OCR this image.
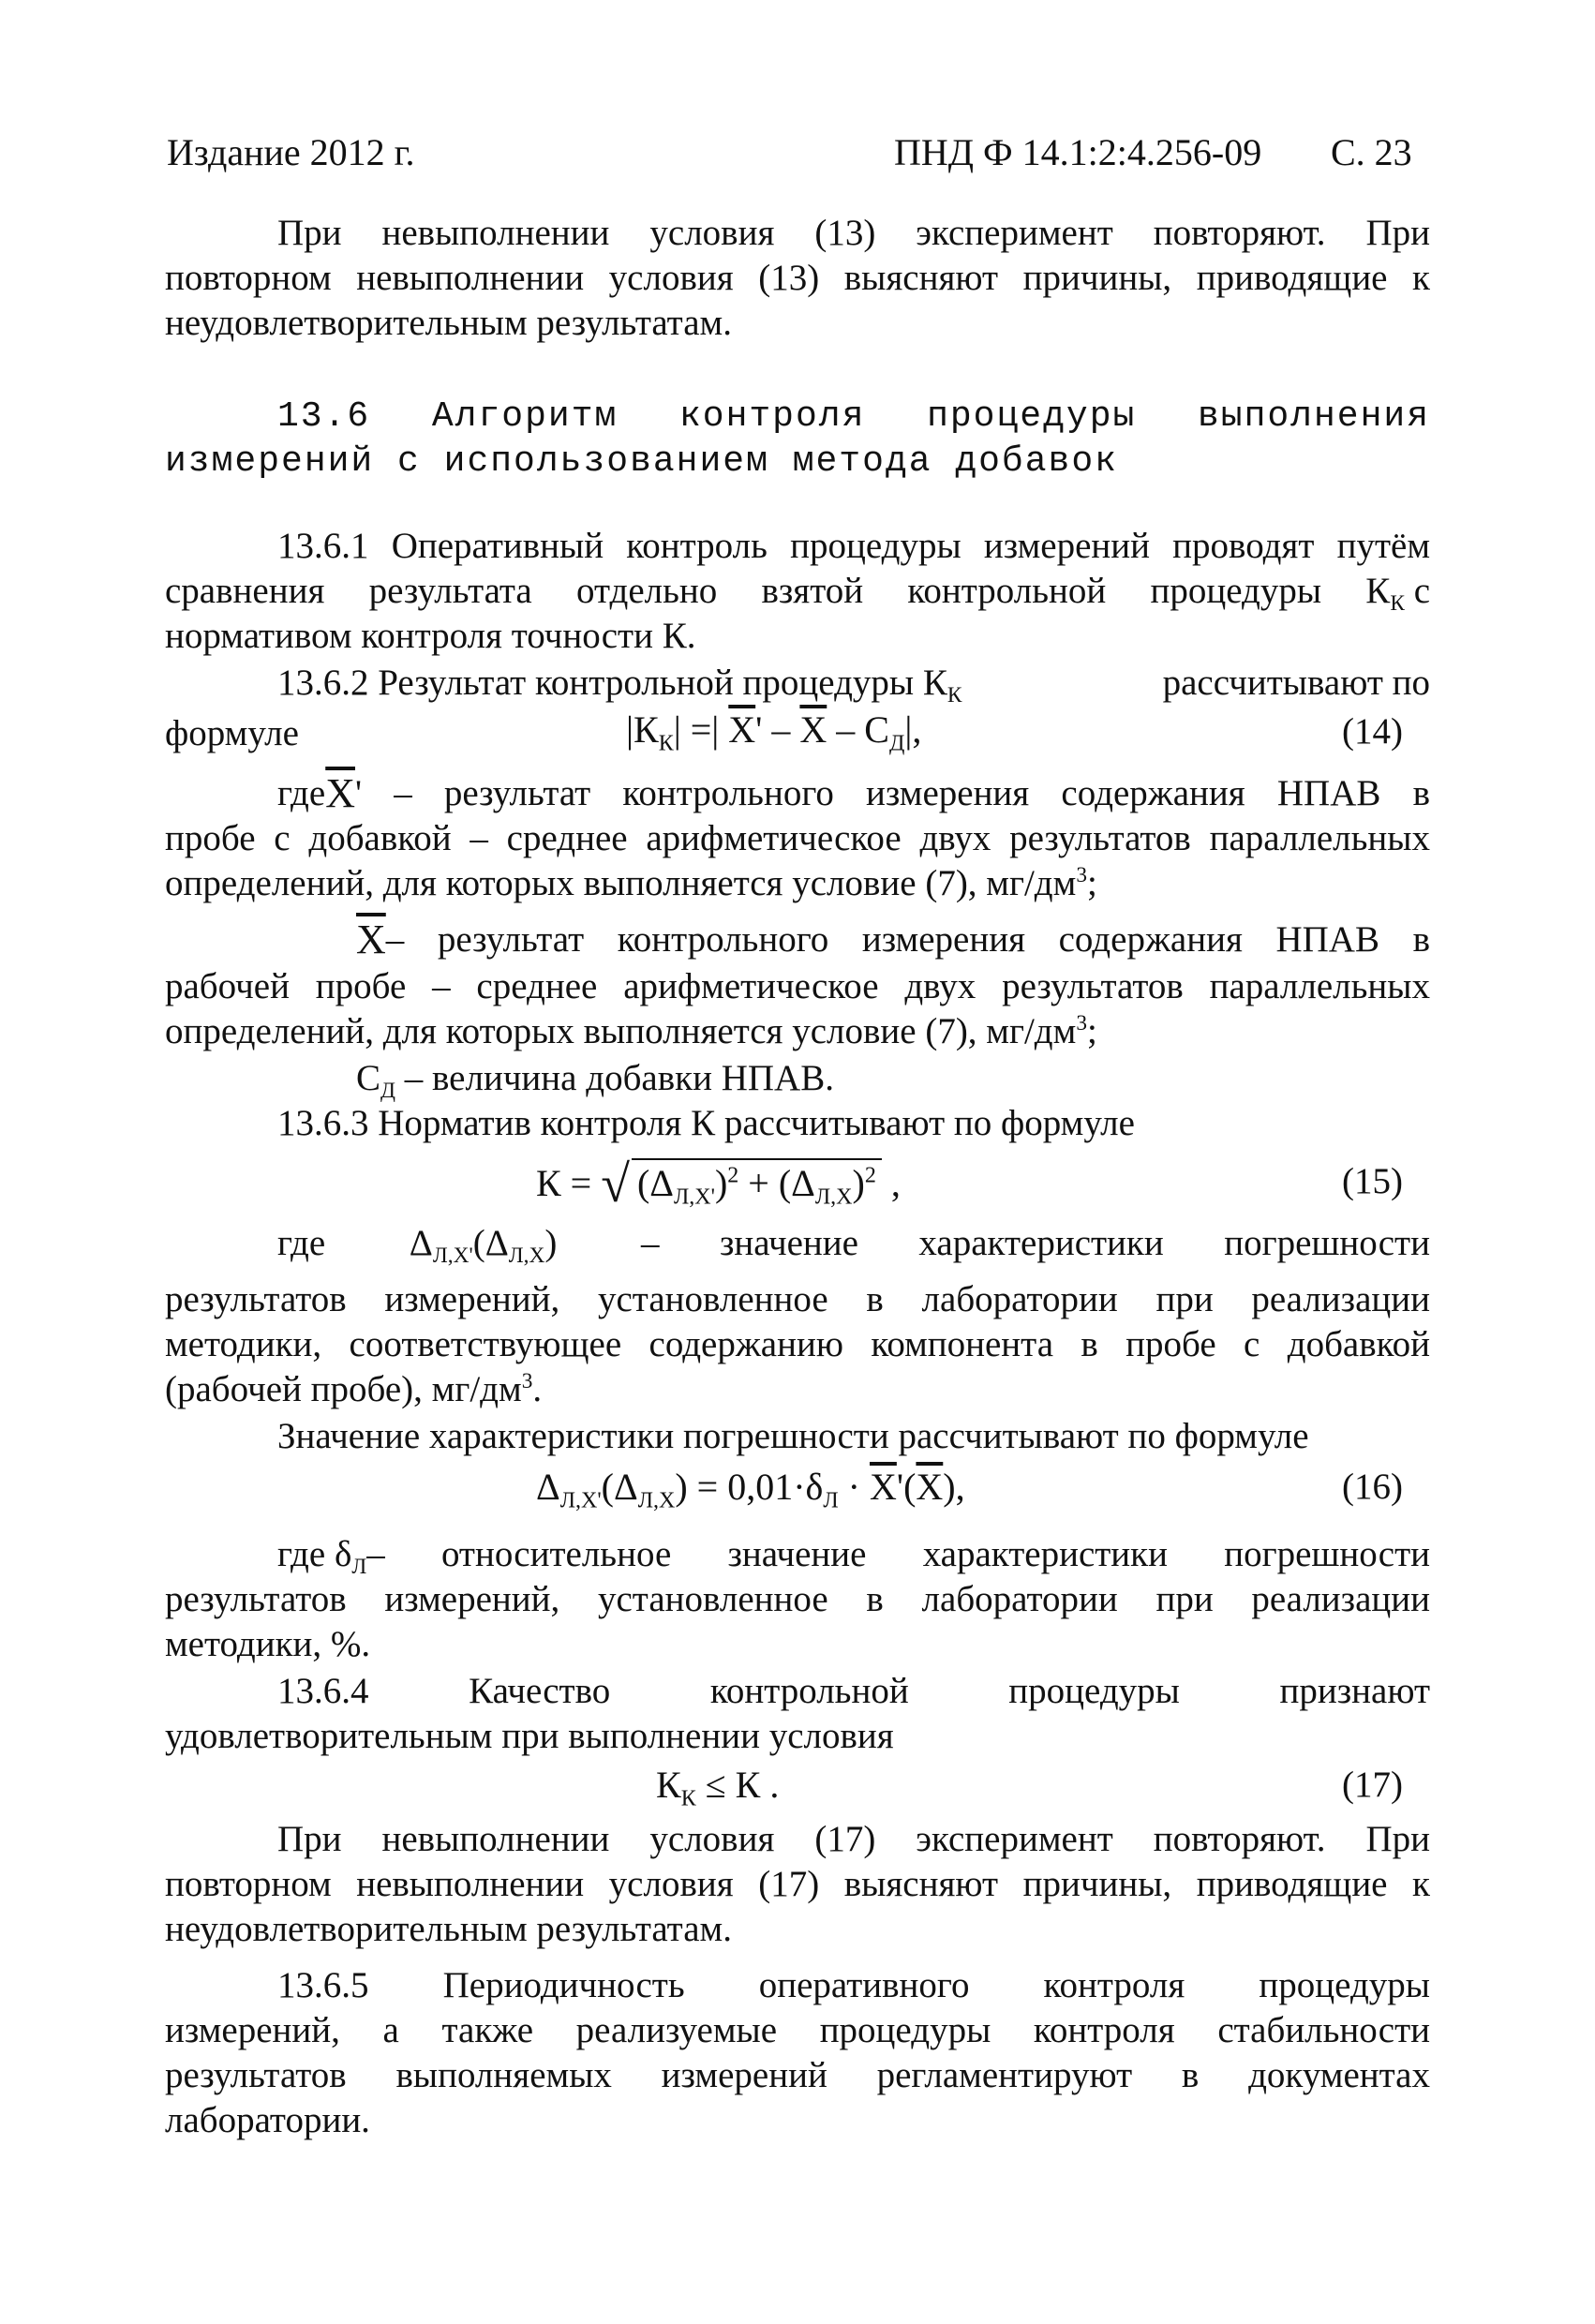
Издание 2012 г.	ПНД Ф 14.1:2:4.256-09 С. 23
При невыполнении условия (13) эксперимент повторяют. При
повторном невыполнении условия (13) выясняют причины, приводящие к
неудовлетворительным результатам.
13.6 Алгоритм контроля процедуры выполнения
измерений с использованием метода добавок
13.6.1 Оперативный контроль процедуры измерений проводят путём
сравнения результата отдельно взятой контрольной процедуры К $_К$ с
нормативом контроля точности К.
13.6.2 Результат контрольной процедуры $К_К$	рассчитывают по
формуле	$|К_К|$ =| $\overline{X}' - \overline{X} - С_Д|$,	(14)
где $\overline{X}$ ' – результат контрольного измерения содержания НПАВ в
пробе с добавкой – среднее арифметическое двух результатов параллельных
определений, для которых выполняется условие (7), $мг/дм^3$;
$\overline{X}$ – результат контрольного измерения содержания НПАВ в
рабочей пробе – среднее арифметическое двух результатов параллельных
определений, для которых выполняется условие (7), $мг/дм^3$;
$С_Д$ – величина добавки НПАВ.
13.6.3 Норматив контроля К рассчитывают по формуле
К = √ $(\Delta_{Л,X'})^2 + (\Delta_{Л,X})^2$ ,	(15)
где $\Delta_{Л,X'}(\Delta_{Л,X})$ – значение характеристики погрешности
результатов измерений, установленное в лаборатории при реализации
методики, соответствующее содержанию компонента в пробе с добавкой
(рабочей пробе), $мг/дм^3$.
Значение характеристики погрешности рассчитывают по формуле
$\Delta_{Л,X'}(\Delta_{Л,X}) = 0,01\cdot\delta_Л \cdot \overline{X}'(\overline{X})$,	(16)
где $\delta_Л$ – относительное значение характеристики погрешности
результатов измерений, установленное в лаборатории при реализации
методики, %.
13.6.4 Качество контрольной процедуры признают
удовлетворительным при выполнении условия
$К_К \le К$ .	(17)
При невыполнении условия (17) эксперимент повторяют. При
повторном невыполнении условия (17) выясняют причины, приводящие к
неудовлетворительным результатам.
13.6.5 Периодичность оперативного контроля процедуры
измерений, а также реализуемые процедуры контроля стабильности
результатов выполняемых измерений регламентируют в документах
лаборатории.
